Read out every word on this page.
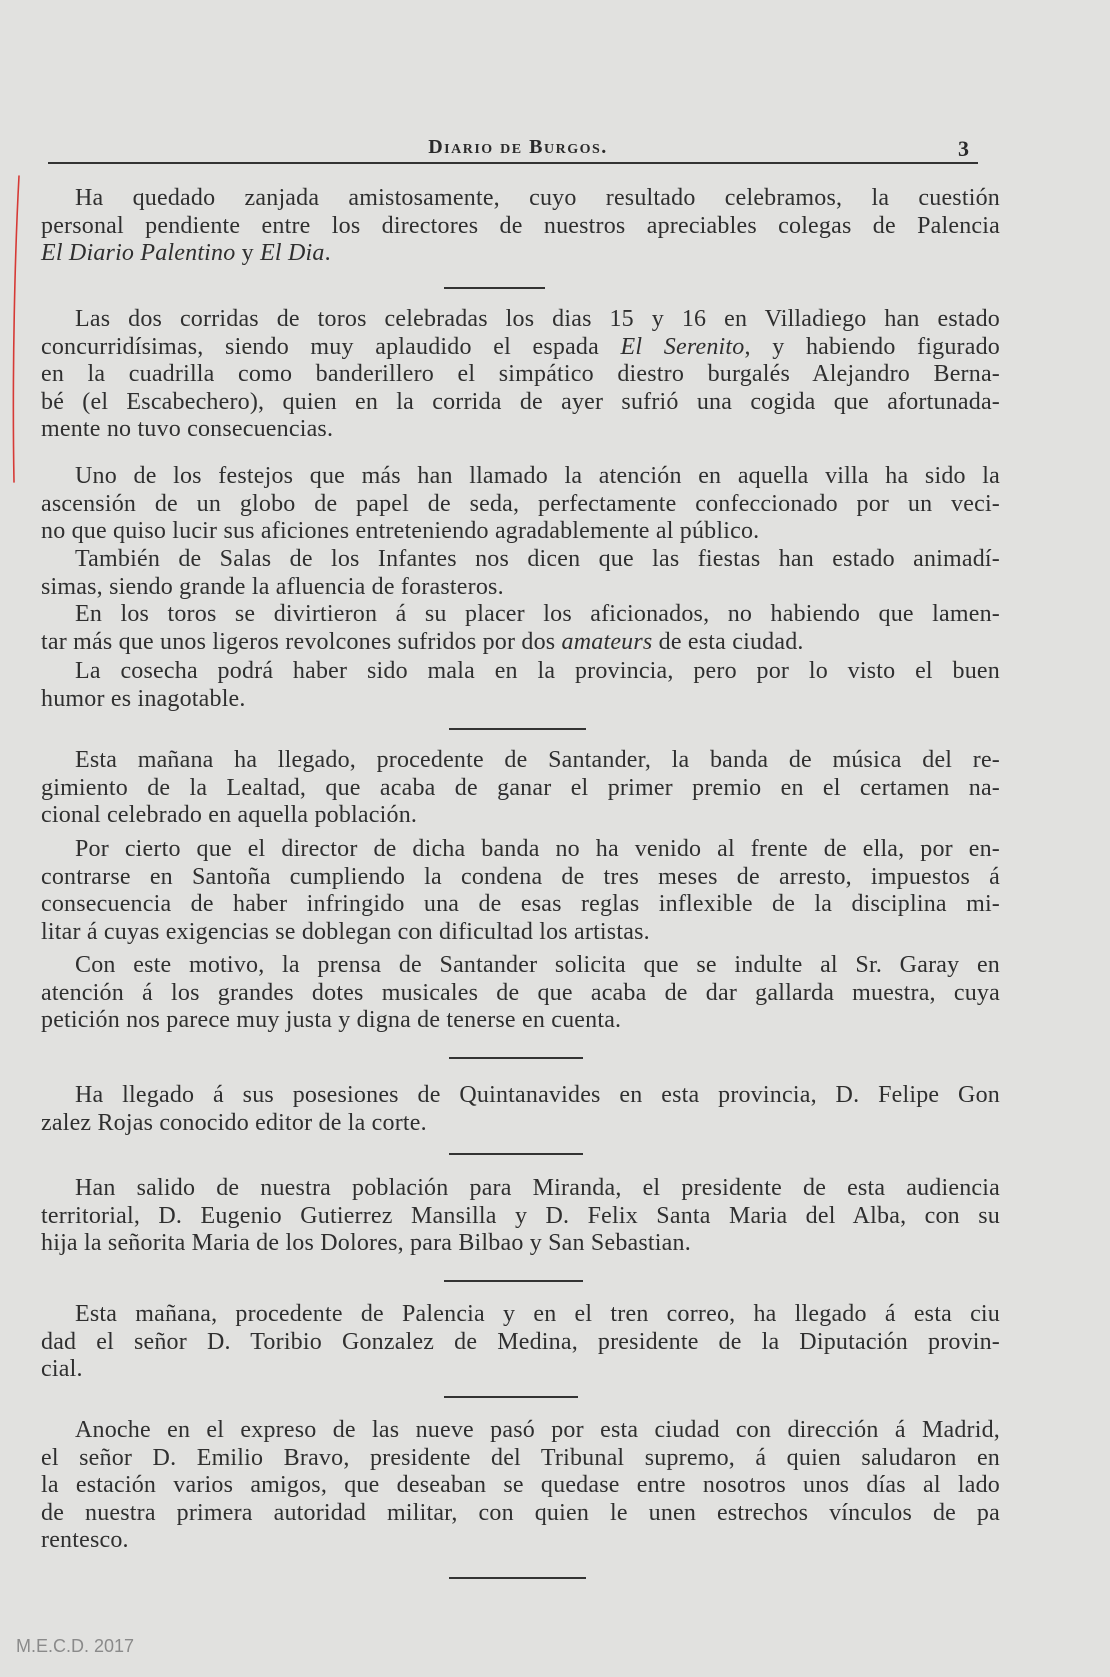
Diario de Burgos.	3
Ha quedado zanjada amistosamente, cuyo resultado celebramos, la cuestión
personal pendiente entre los directores de nuestros apreciables colegas de Palencia
El Diario Palentino y El Dia.
Las dos corridas de toros celebradas los dias 15 y 16 en Villadiego han estado
concurridísimas, siendo muy aplaudido el espada El Serenito, y habiendo figurado
en la cuadrilla como banderillero el simpático diestro burgalés Alejandro Berna-
bé (el Escabechero), quien en la corrida de ayer sufrió una cogida que afortunada-
mente no tuvo consecuencias.
Uno de los festejos que más han llamado la atención en aquella villa ha sido la
ascensión de un globo de papel de seda, perfectamente confeccionado por un veci-
no que quiso lucir sus aficiones entreteniendo agradablemente al público.
También de Salas de los Infantes nos dicen que las fiestas han estado animadí-
simas, siendo grande la afluencia de forasteros.
En los toros se divirtieron á su placer los aficionados, no habiendo que lamen-
tar más que unos ligeros revolcones sufridos por dos amateurs de esta ciudad.
La cosecha podrá haber sido mala en la provincia, pero por lo visto el buen
humor es inagotable.
Esta mañana ha llegado, procedente de Santander, la banda de música del re-
gimiento de la Lealtad, que acaba de ganar el primer premio en el certamen na-
cional celebrado en aquella población.
Por cierto que el director de dicha banda no ha venido al frente de ella, por en-
contrarse en Santoña cumpliendo la condena de tres meses de arresto, impuestos á
consecuencia de haber infringido una de esas reglas inflexible de la disciplina mi-
litar á cuyas exigencias se doblegan con dificultad los artistas.
Con este motivo, la prensa de Santander solicita que se indulte al Sr. Garay en
atención á los grandes dotes musicales de que acaba de dar gallarda muestra, cuya
petición nos parece muy justa y digna de tenerse en cuenta.
Ha llegado á sus posesiones de Quintanavides en esta provincia, D. Felipe Gon
zalez Rojas conocido editor de la corte.
Han salido de nuestra población para Miranda, el presidente de esta audiencia
territorial, D. Eugenio Gutierrez Mansilla y D. Felix Santa Maria del Alba, con su
hija la señorita Maria de los Dolores, para Bilbao y San Sebastian.
Esta mañana, procedente de Palencia y en el tren correo, ha llegado á esta ciu
dad el señor D. Toribio Gonzalez de Medina, presidente de la Diputación provin-
cial.
Anoche en el expreso de las nueve pasó por esta ciudad con dirección á Madrid,
el señor D. Emilio Bravo, presidente del Tribunal supremo, á quien saludaron en
la estación varios amigos, que deseaban se quedase entre nosotros unos días al lado
de nuestra primera autoridad militar, con quien le unen estrechos vínculos de pa
rentesco.
M.E.C.D. 2017
